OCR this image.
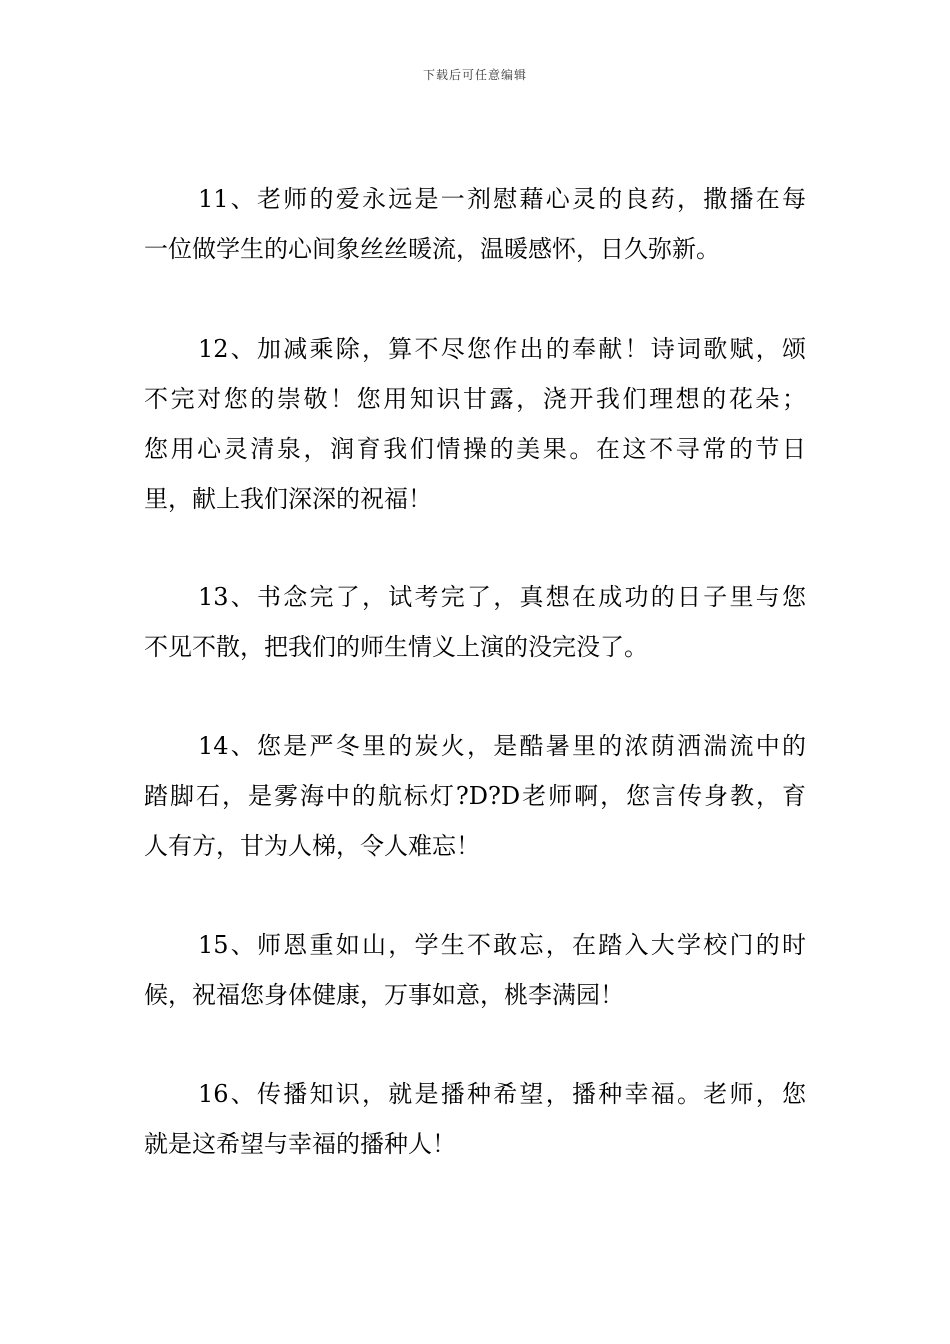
下载后可任意编辑
11、老师的爱永远是一剂慰藉心灵的良药，撒播在每
一位做学生的心间象丝丝暖流，温暖感怀，日久弥新。
12、加减乘除，算不尽您作出的奉献！诗词歌赋，颂
不完对您的崇敬！您用知识甘露，浇开我们理想的花朵；
您用心灵清泉，润育我们情操的美果。在这不寻常的节日
里，献上我们深深的祝福！
13、书念完了，试考完了，真想在成功的日子里与您
不见不散，把我们的师生情义上演的没完没了。
14、您是严冬里的炭火，是酷暑里的浓荫洒湍流中的
踏脚石，是雾海中的航标灯?D?D老师啊，您言传身教，育
人有方，甘为人梯，令人难忘！
15、师恩重如山，学生不敢忘，在踏入大学校门的时
候，祝福您身体健康，万事如意，桃李满园！
16、传播知识，就是播种希望，播种幸福。老师，您
就是这希望与幸福的播种人！
